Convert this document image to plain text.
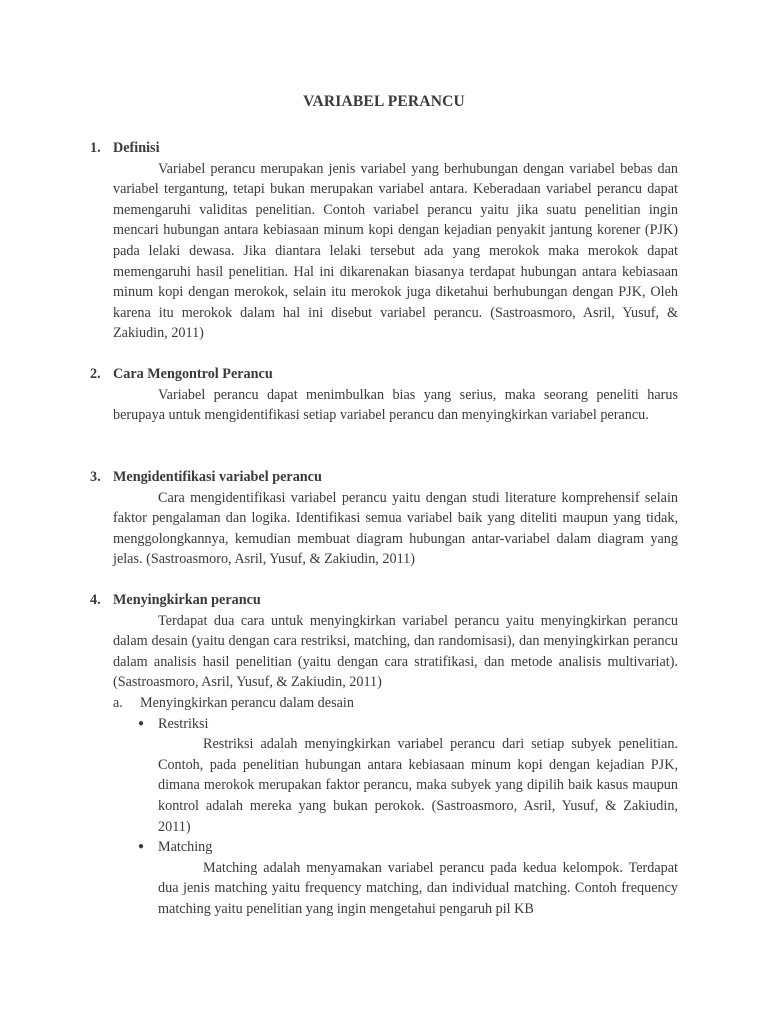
VARIABEL PERANCU
1. Definisi
Variabel perancu merupakan jenis variabel yang berhubungan dengan variabel bebas dan variabel tergantung, tetapi bukan merupakan variabel antara. Keberadaan variabel perancu dapat memengaruhi validitas penelitian. Contoh variabel perancu yaitu jika suatu penelitian ingin mencari hubungan antara kebiasaan minum kopi dengan kejadian penyakit jantung korener (PJK) pada lelaki dewasa. Jika diantara lelaki tersebut ada yang merokok maka merokok dapat memengaruhi hasil penelitian. Hal ini dikarenakan biasanya terdapat hubungan antara kebiasaan minum kopi dengan merokok, selain itu merokok juga diketahui berhubungan dengan PJK, Oleh karena itu merokok dalam hal ini disebut variabel perancu. (Sastroasmoro, Asril, Yusuf, & Zakiudin, 2011)
2. Cara Mengontrol Perancu
Variabel perancu dapat menimbulkan bias yang serius, maka seorang peneliti harus berupaya untuk mengidentifikasi setiap variabel perancu dan menyingkirkan variabel perancu.
3. Mengidentifikasi variabel perancu
Cara mengidentifikasi variabel perancu yaitu dengan studi literature komprehensif selain faktor pengalaman dan logika. Identifikasi semua variabel baik yang diteliti maupun yang tidak, menggolongkannya, kemudian membuat diagram hubungan antar-variabel dalam diagram yang jelas. (Sastroasmoro, Asril, Yusuf, & Zakiudin, 2011)
4. Menyingkirkan perancu
Terdapat dua cara untuk menyingkirkan variabel perancu yaitu menyingkirkan perancu dalam desain (yaitu dengan cara restriksi, matching, dan randomisasi), dan menyingkirkan perancu dalam analisis hasil penelitian (yaitu dengan cara stratifikasi, dan metode analisis multivariat). (Sastroasmoro, Asril, Yusuf, & Zakiudin, 2011)
a.	Menyingkirkan perancu dalam desain
● Restriksi
Restriksi adalah menyingkirkan variabel perancu dari setiap subyek penelitian. Contoh, pada penelitian hubungan antara kebiasaan minum kopi dengan kejadian PJK, dimana merokok merupakan faktor perancu, maka subyek yang dipilih baik kasus maupun kontrol adalah mereka yang bukan perokok. (Sastroasmoro, Asril, Yusuf, & Zakiudin, 2011)
● Matching
Matching adalah menyamakan variabel perancu pada kedua kelompok. Terdapat dua jenis matching yaitu frequency matching, dan individual matching. Contoh frequency matching yaitu penelitian yang ingin mengetahui pengaruh pil KB
